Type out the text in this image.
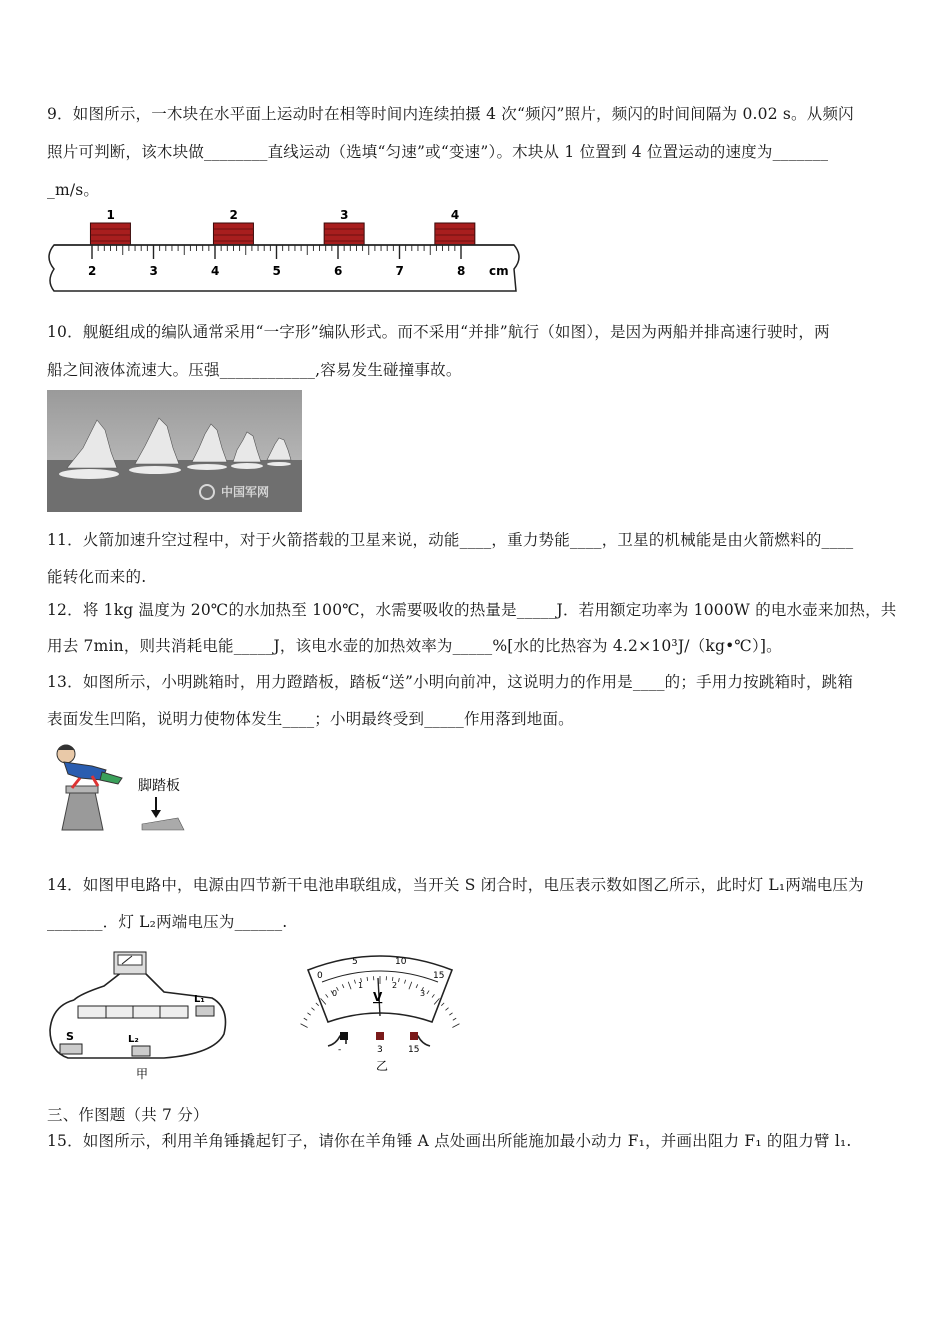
9．如图所示，一木块在水平面上运动时在相等时间内连续拍摄 4 次“频闪”照片，频闪的时间间隔为 0.02 s。从频闪
照片可判断，该木块做________直线运动（选填“匀速”或“变速”）。木块从 1 位置到 4 位置运动的速度为_______
_m/s。
1	2	3	4
2	3	4	5	6	7	8 cm
10．舰艇组成的编队通常采用“一字形”编队形式。而不采用“并排”航行（如图），是因为两船并排高速行驶时，两
船之间液体流速大。压强____________,容易发生碰撞事故。
中国军网
11．火箭加速升空过程中，对于火箭搭载的卫星来说，动能____，重力势能____，卫星的机械能是由火箭燃料的____
能转化而来的.
12．将 1kg 温度为 20℃的水加热至 100℃，水需要吸收的热量是_____J．若用额定功率为 1000W 的电水壶来加热，共
用去 7min，则共消耗电能_____J，该电水壶的加热效率为_____%[水的比热容为 4.2×10³J/（kg•℃）]。
13．如图所示，小明跳箱时，用力蹬踏板，踏板“送”小明向前冲，这说明力的作用是____的；手用力按跳箱时，跳箱
表面发生凹陷，说明力使物体发生____；小明最终受到_____作用落到地面。
脚踏板
14．如图甲电路中，电源由四节新干电池串联组成，当开关 S 闭合时，电压表示数如图乙所示，此时灯 L₁两端电压为
_______．灯 L₂两端电压为______.
L₁
S	L₂
甲
V
0
5	10
15
0
1	2
3
-	3	15
乙
三、作图题（共 7 分）
15．如图所示，利用羊角锤撬起钉子，请你在羊角锤 A 点处画出所能施加最小动力 F₁，并画出阻力 F₁ 的阻力臂 l₁.
